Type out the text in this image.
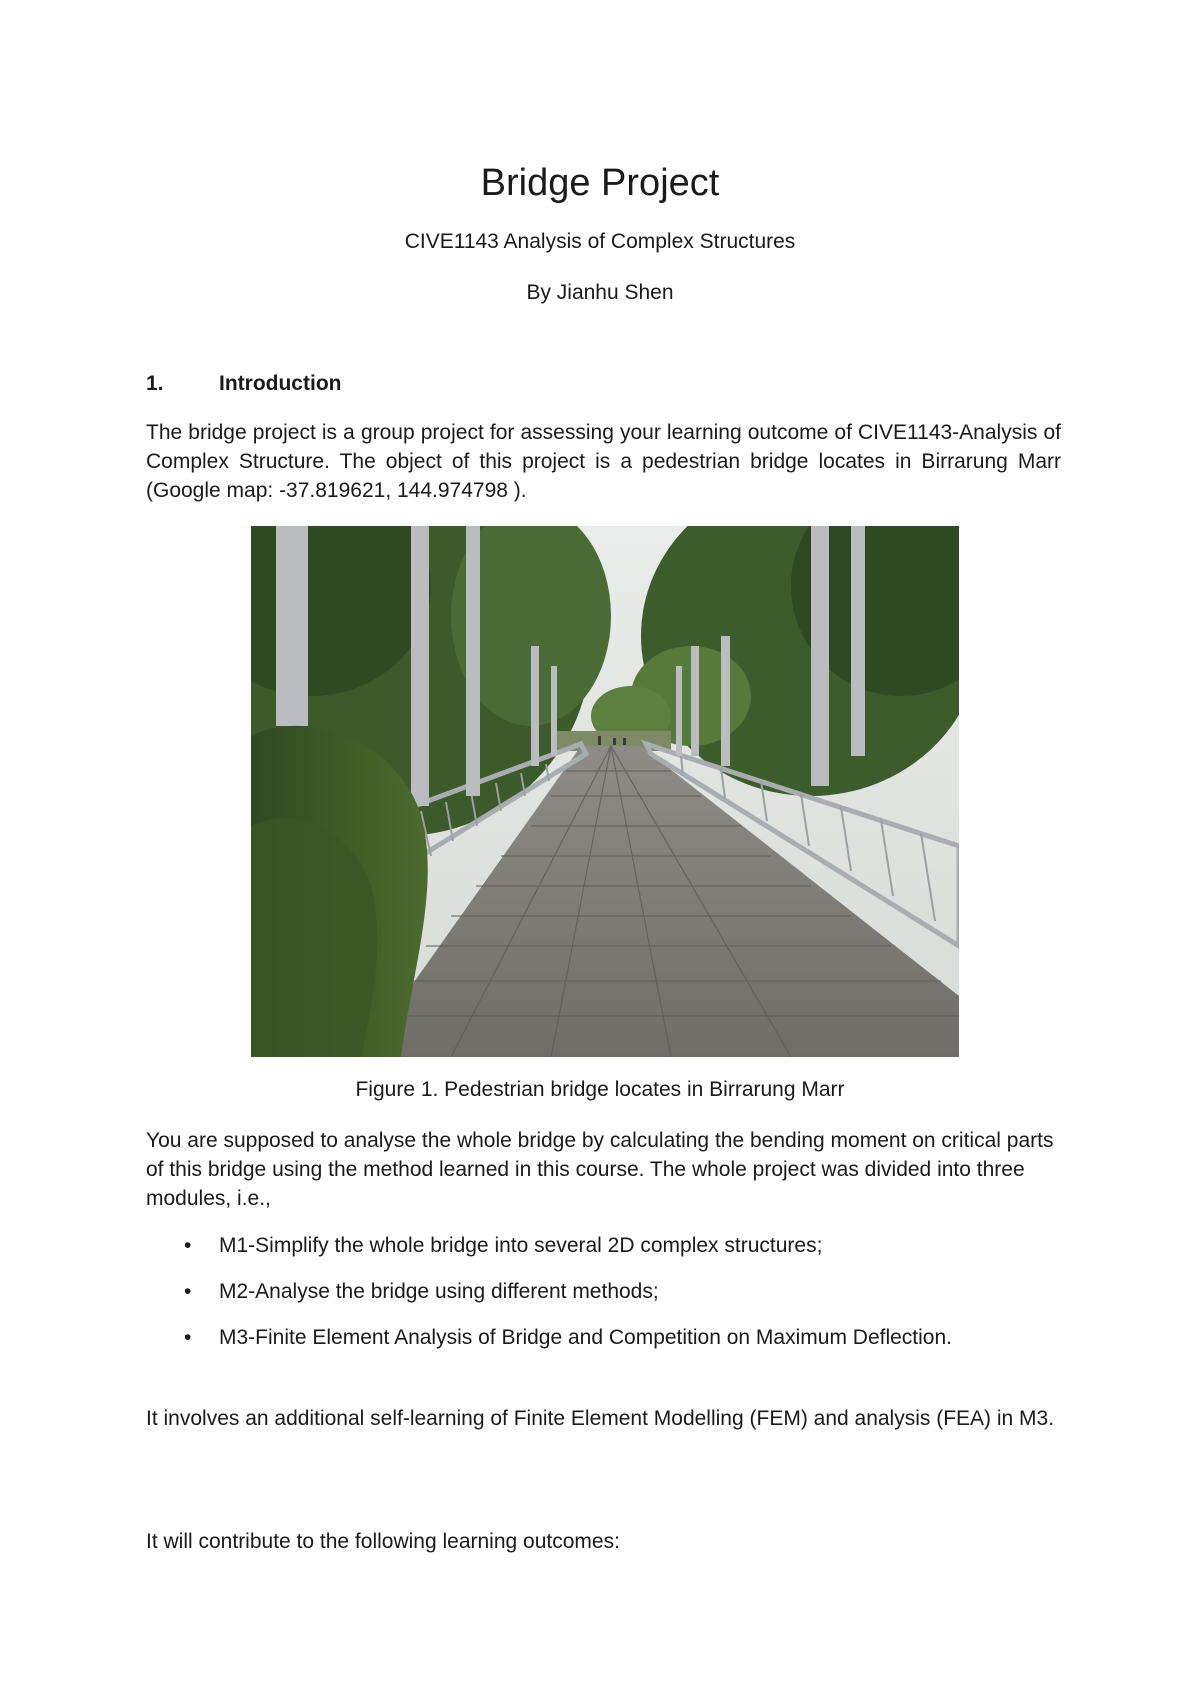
Bridge Project
CIVE1143 Analysis of Complex Structures
By Jianhu Shen
1.	Introduction

The bridge project is a group project for assessing your learning outcome of CIVE1143-Analysis of Complex Structure. The object of this project is a pedestrian bridge locates in Birrarung Marr (Google map: -37.819621, 144.974798 ).

Figure 1. Pedestrian bridge locates in Birrarung Marr

You are supposed to analyse the whole bridge by calculating the bending moment on critical parts of this bridge using the method learned in this course. The whole project was divided into three modules, i.e.,

• M1-Simplify the whole bridge into several 2D complex structures;
• M2-Analyse the bridge using different methods;
• M3-Finite Element Analysis of Bridge and Competition on Maximum Deflection.

It involves an additional self-learning of Finite Element Modelling (FEM) and analysis (FEA) in M3.

It will contribute to the following learning outcomes:
